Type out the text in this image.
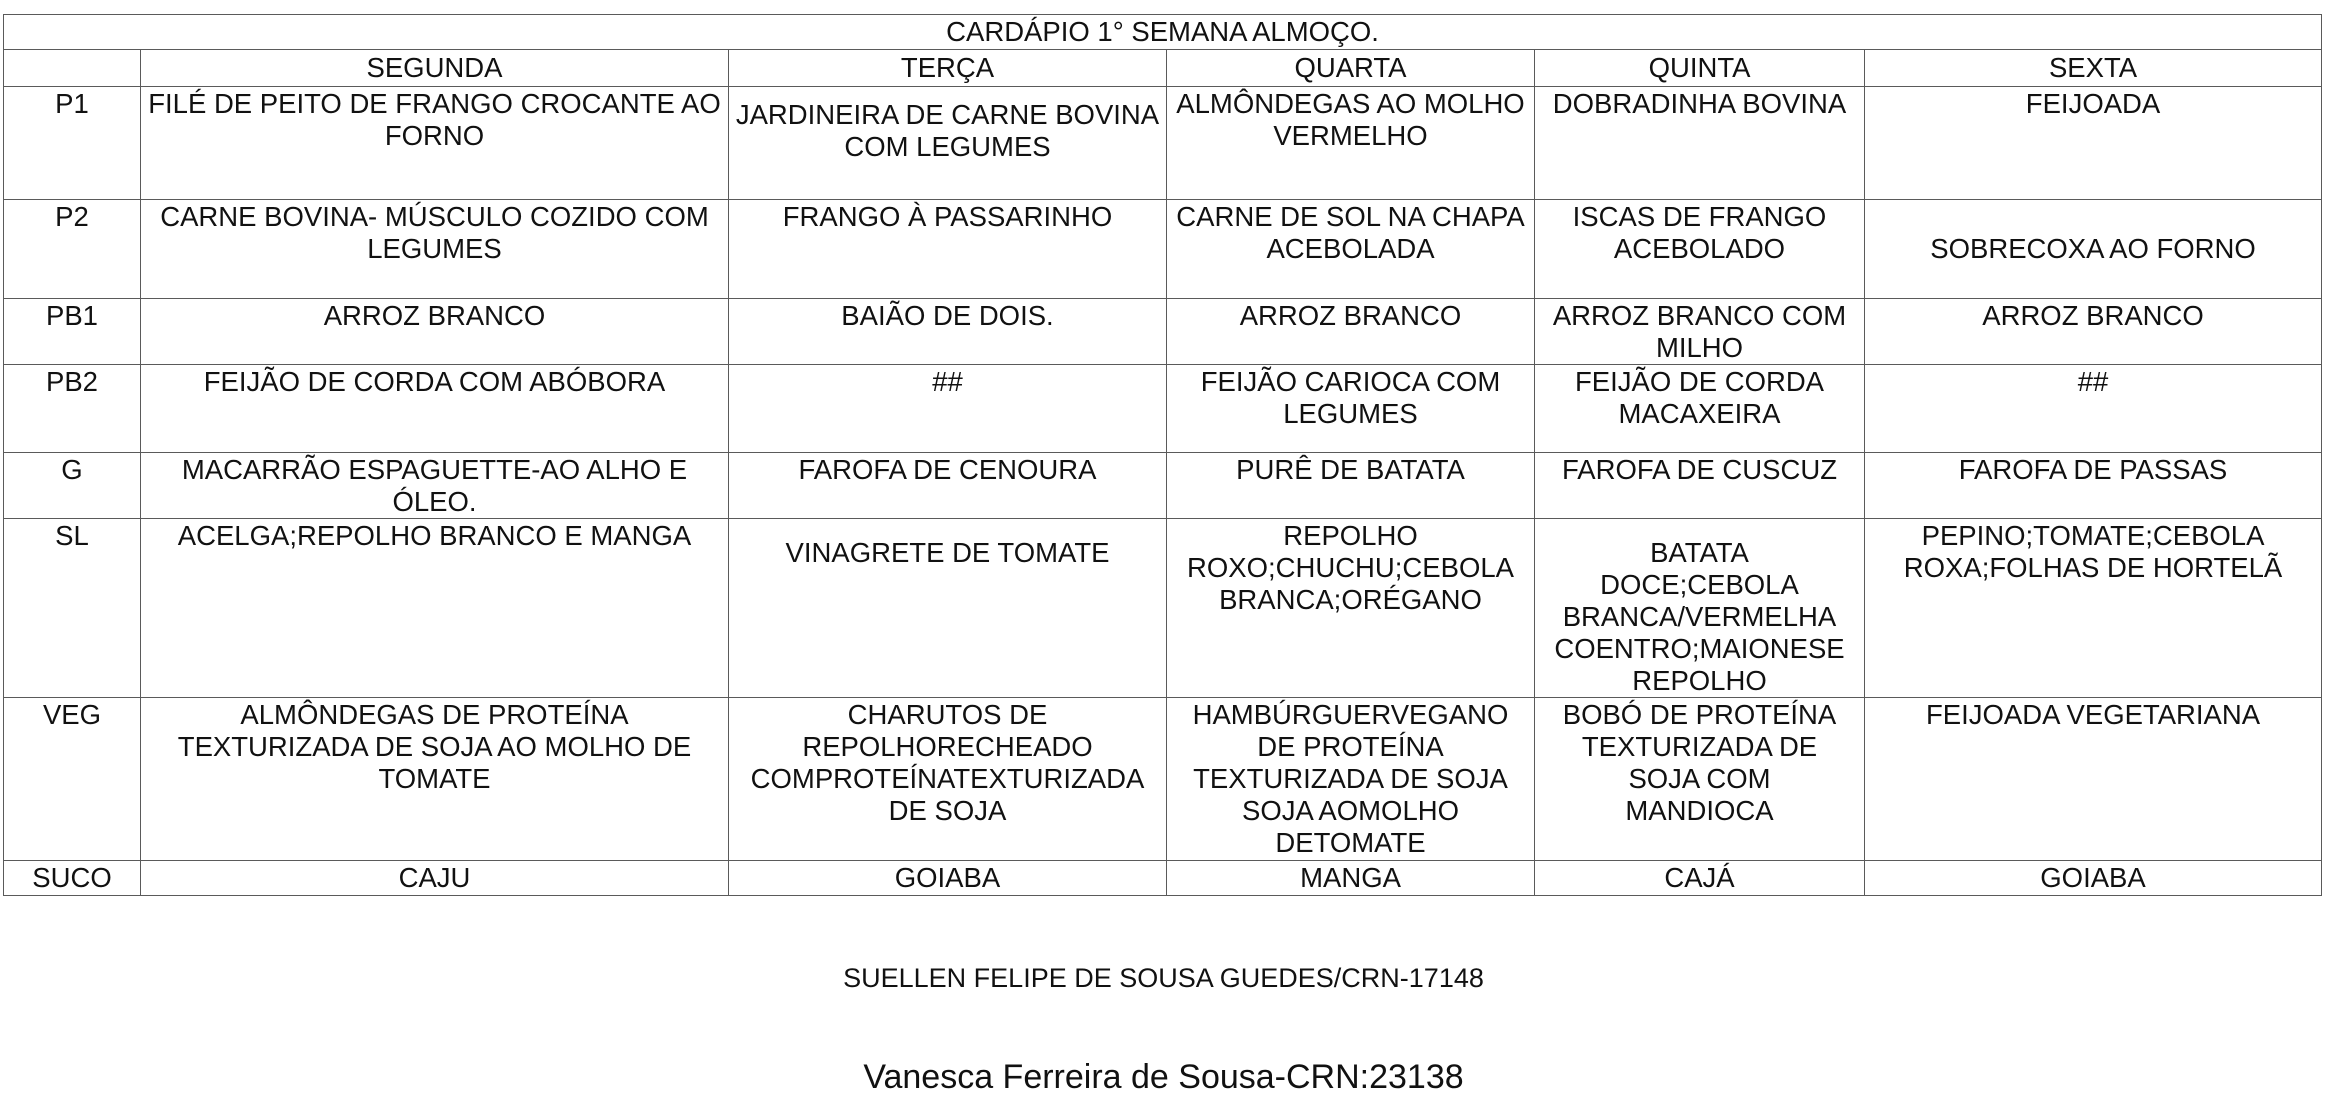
CARDÁPIO 1° SEMANA ALMOÇO.					
	SEGUNDA	TERÇA	QUARTA	QUINTA	SEXTA
P1	FILÉ DE PEITO DE FRANGO CROCANTE AO FORNO	JARDINEIRA DE CARNE BOVINA COM LEGUMES	ALMÔNDEGAS AO MOLHO VERMELHO	DOBRADINHA BOVINA	FEIJOADA
P2	CARNE BOVINA- MÚSCULO COZIDO COM LEGUMES	FRANGO À PASSARINHO	CARNE DE SOL NA CHAPA ACEBOLADA	ISCAS DE FRANGO ACEBOLADO	SOBRECOXA AO FORNO
PB1	ARROZ BRANCO	BAIÃO DE DOIS.	ARROZ BRANCO	ARROZ BRANCO COM MILHO	ARROZ BRANCO
PB2	FEIJÃO DE CORDA COM ABÓBORA	##	FEIJÃO CARIOCA COM LEGUMES	FEIJÃO DE CORDA MACAXEIRA	##
G	MACARRÃO ESPAGUETTE-AO ALHO E ÓLEO.	FAROFA DE CENOURA	PURÊ DE BATATA	FAROFA DE CUSCUZ	FAROFA DE PASSAS
SL	ACELGA;REPOLHO BRANCO E MANGA	VINAGRETE DE TOMATE	REPOLHO ROXO;CHUCHU;CEBOLA BRANCA;ORÉGANO	BATATA DOCE;CEBOLA BRANCA/VERMELHA COENTRO;MAIONESE REPOLHO	PEPINO;TOMATE;CEBOLA ROXA;FOLHAS DE HORTELÃ
VEG	ALMÔNDEGAS DE PROTEÍNA TEXTURIZADA DE SOJA AO MOLHO DE TOMATE	CHARUTOS DE REPOLHORECHEADO COMPROTEÍNATEXTURIZADA DE SOJA	HAMBÚRGUERVEGANO DE PROTEÍNA TEXTURIZADA DE SOJA SOJA AOMOLHO DETOMATE	BOBÓ DE PROTEÍNA TEXTURIZADA DE SOJA COM MANDIOCA	FEIJOADA VEGETARIANA
SUCO	CAJU	GOIABA	MANGA	CAJÁ	GOIABA
SUELLEN FELIPE DE SOUSA GUEDES/CRN-17148
Vanesca Ferreira de Sousa-CRN:23138
